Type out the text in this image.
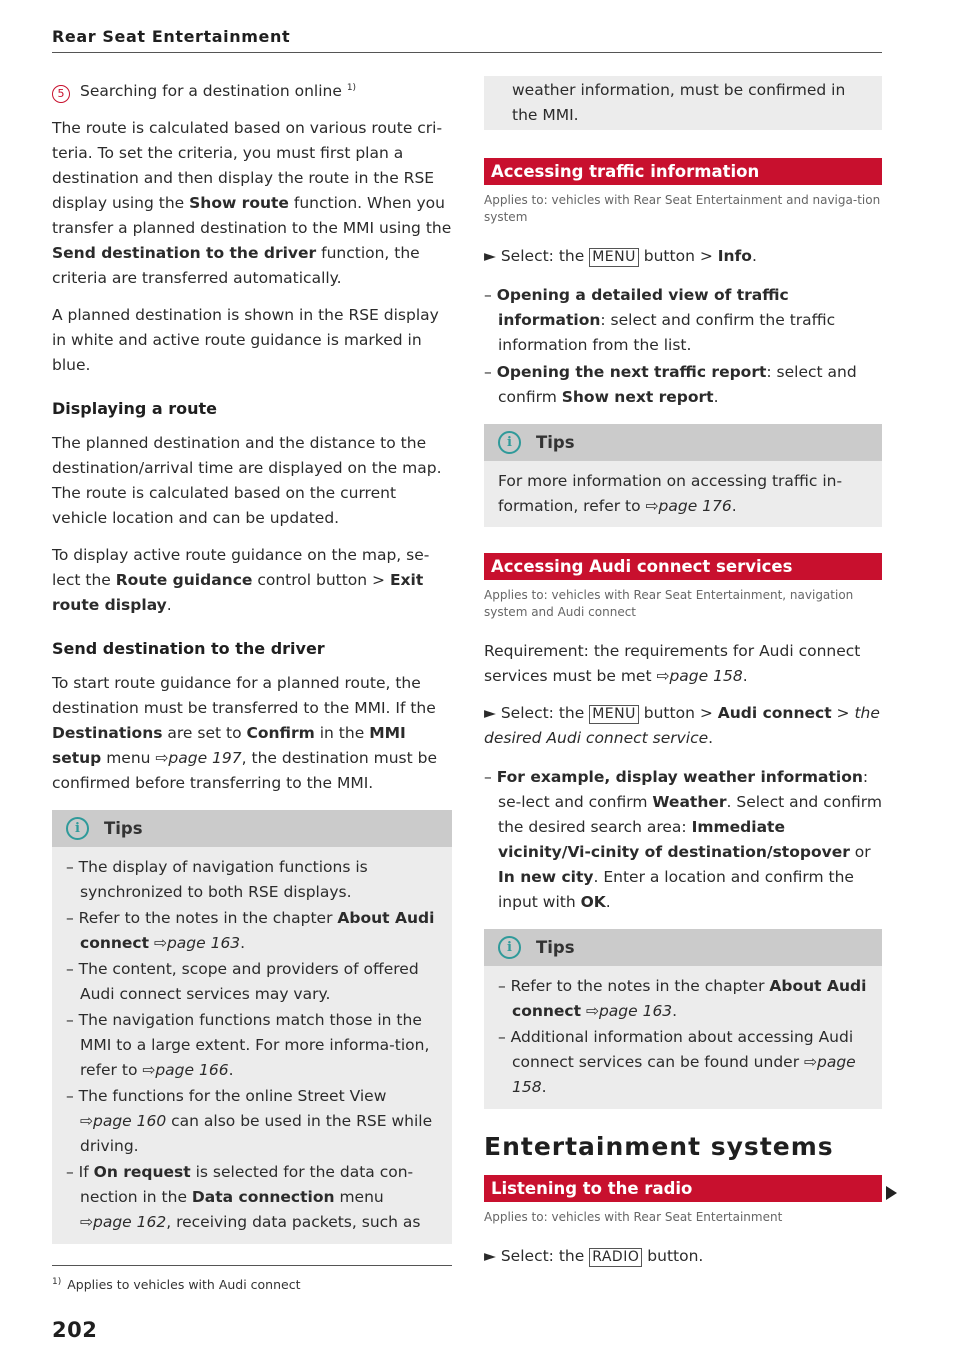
Rear Seat Entertainment

5 Searching for a destination online $^{1)}$

The route is calculated based on various route cri-teria. To set the criteria, you must first plan a destination and then display the route in the RSE display using the Show route function. When you transfer a planned destination to the MMI using the Send destination to the driver function, the criteria are transferred automatically.

A planned destination is shown in the RSE display in white and active route guidance is marked in blue.

Displaying a route

The planned destination and the distance to the destination/arrival time are displayed on the map. The route is calculated based on the current vehicle location and can be updated.

To display active route guidance on the map, se-lect the Route guidance control button > Exit route display.

Send destination to the driver

To start route guidance for a planned route, the destination must be transferred to the MMI. If the Destinations are set to Confirm in the MMI setup menu ⇨page 197, the destination must be confirmed before transferring to the MMI.

i	Tips
– The display of navigation functions is synchronized to both RSE displays.
– Refer to the notes in the chapter About Audi connect ⇨page 163.
– The content, scope and providers of offered Audi connect services may vary.
– The navigation functions match those in the MMI to a large extent. For more informa-tion, refer to ⇨page 166.
– The functions for the online Street View ⇨page 160 can also be used in the RSE while driving.
– If On request is selected for the data con-nection in the Data connection menu ⇨page 162, receiving data packets, such as
weather information, must be confirmed in the MMI.
Accessing traffic information
Applies to: vehicles with Rear Seat Entertainment and naviga-tion system

► Select: the MENU button > Info.

– Opening a detailed view of traffic information: select and confirm the traffic information from the list.
– Opening the next traffic report: select and confirm Show next report.
i	Tips
For more information on accessing traffic in-formation, refer to ⇨page 176.
Accessing Audi connect services
Applies to: vehicles with Rear Seat Entertainment, navigation system and Audi connect

Requirement: the requirements for Audi connect services must be met ⇨page 158.

► Select: the MENU button > Audi connect > the desired Audi connect service.

– For example, display weather information: se-lect and confirm Weather. Select and confirm the desired search area: Immediate vicinity/Vi-cinity of destination/stopover or In new city. Enter a location and confirm the input with OK.
i	Tips
– Refer to the notes in the chapter About Audi connect ⇨page 163.
– Additional information about accessing Audi connect services can be found under ⇨page 158.
Entertainment systems
Listening to the radio
Applies to: vehicles with Rear Seat Entertainment

► Select: the RADIO button.

$^{1)}$ Applies to vehicles with Audi connect
202
